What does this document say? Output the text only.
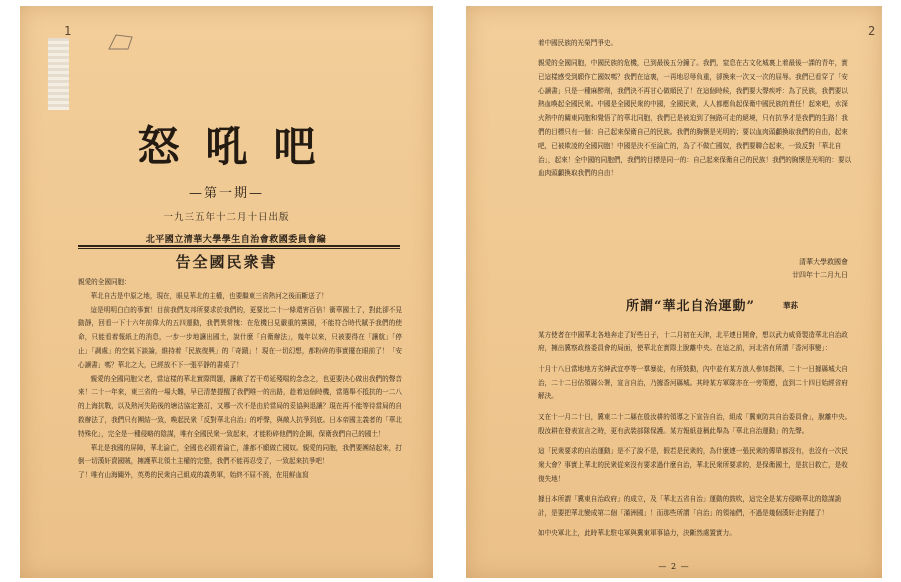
1
怒吼吧
—第一期—
一九三五年十二月十日出版
北平國立清華大學學生自治會救國委員會編
告全國民衆書

親愛的全國同胞：

華北自古是中原之地，現在，眼見華北的主權，也要繼東三省熱河之後而斷送了！

這是明明白白的事實！目前我們友邦所要求於我們的，更要比二十一條還害百倍！衝華國土了，對此卻不見動靜，回看一下十六年前偉大的五四運動，我們異常愧：在危機日見嚴重的黨國，不能符合時代賦予我們的使命，只能看着報紙上的消息，一步一步地讓出國土，說什麼「自衛辦法」，幾年以來，只被要得在「讓航」「停止」「調處」的空氣下談論，維持着「民族復興」的「奇蹟」！現在一切幻想，都粉碎的事實擺在眼前了！「安心讀書」嗎？華北之大，已經放不下一張平靜的書桌了！

親愛的全國同胞父老，當這樣的華北實際問題，讓敵了若干苟延殘喘的念念之，也更要決心做出我們的聲音來！二十一年來，東三省的一場大難，早已清楚提醒了我們唯一的出路，趁着這個時機，當選舉不抵抗的一二八的上海抗戰，以及熱河失陷後的塘沽協定簽訂，又哪一次不是由於當局的妥協與退讓？現在再不能等待當局的自救辦法了，我們只有團結一致，喚起民衆「反對華北自治」的呼聲，與敵人抗爭到底。日本帝國主義者的「華北特殊化」，完全是一種侵略的陰謀，唯有全國民衆一致起來，才能粉碎他們的企圖，保衛我們自己的國土！

華北是我國的屏障，華北淪亡，全國也必跟着淪亡，誰都不願做亡國奴。親愛的同胞，我們要團結起來，打倒一切漢奸賣國賊，擁護華北領土主權的完整，我們不能再忍受了，一致起來抗爭吧！

了！唯有山海關外，英勇的民衆自己組成的義勇軍，始終不屈不撓，在用鮮血寫

2

着中國民族的光榮鬥爭史。

親愛的全國同胞，中國民族的危機，已到最後五分鐘了。我們，窒息在古文化城裏上着最後一課的青年，實已這樣感受到願作亡國奴嗎？我們在這裏，一再地忍辱負重，卻換來一次又一次的屈辱。我們已看穿了「安心讀書」只是一種麻醉劑，我們決不再甘心做順民了！在這個時候，我們要大聲疾呼：為了民族，我們要以熱血喚起全國民衆。中國是全國民衆的中國，全國民衆，人人都應負起保衛中國民族的責任！起來吧，水深火熱中的關東同胞和覺悟了的華北同胞，我們已是被迫到了無路可走的絕境，只有抗爭才是我們的生路！我們的目標只有一個：自己起來保衛自己的民族。我們的胸懷是光明的；要以血肉頭顱換取我們的自由，起來吧，已被欺凌的全國同胞！中國是決不至淪亡的，為了不做亡國奴，我們要聯合起來，一致反對「華北自治」，起來！全中國的同胞們，我們的目標是同一的：自己起來保衛自己的民族！我們的胸懷是光明的：要以血肉頭顱換取我們的自由！

清華大學救國會
廿四年十二月九日
所謂“華北自治運動”	華荪

某方使者在中國華北各地奔走了好些日子，十二月初在天津，北平連日開會，想以武力威脅製造華北自治政府，擁出冀察政務委員會的局面，使華北在實際上脫離中央。在這之前，河北省有所謂「香河事變」：

十月十八日當地地方劣紳武宜亭等一羣暴徒，有所鼓動，內中並有某方浪人參加指揮，二十一日據縣城大自治，二十二日佔領縣公署，宣言自治，乃據香河縣城。其時某方軍隊亦在一旁策應，直到二十四日始經省府解決。

又在十一月二十日，冀東二十二縣在殷汝耕的領導之下宣告自治，組成「冀東防共自治委員會」，脫離中央。殷汝耕在發表宣言之時，更有武裝部隊保護。某方報紙並稱此舉為「華北自治運動」的先聲。

這「民衆要求的自治運動」是不了說不是，假若是民衆的，為什麼連一張民衆的傳單都沒有，也沒有一次民衆大會？事實上華北的民衆從來沒有要求過什麼自治，華北民衆所要求的，是保衛國土，是抗日救亡，是收復失地！

據日本所謂「冀東自治政府」的成立，及「華北五省自治」運動的鼓吹，這完全是某方侵略華北的陰謀詭計，是要把華北變成第二個「滿洲國」！而那些所謂「自治」的領袖們，不過是幾個漢奸走狗罷了！

如中央軍北上，此時華北駐屯軍與冀東軍事協力，決斷然處置實力。

— 2 —
